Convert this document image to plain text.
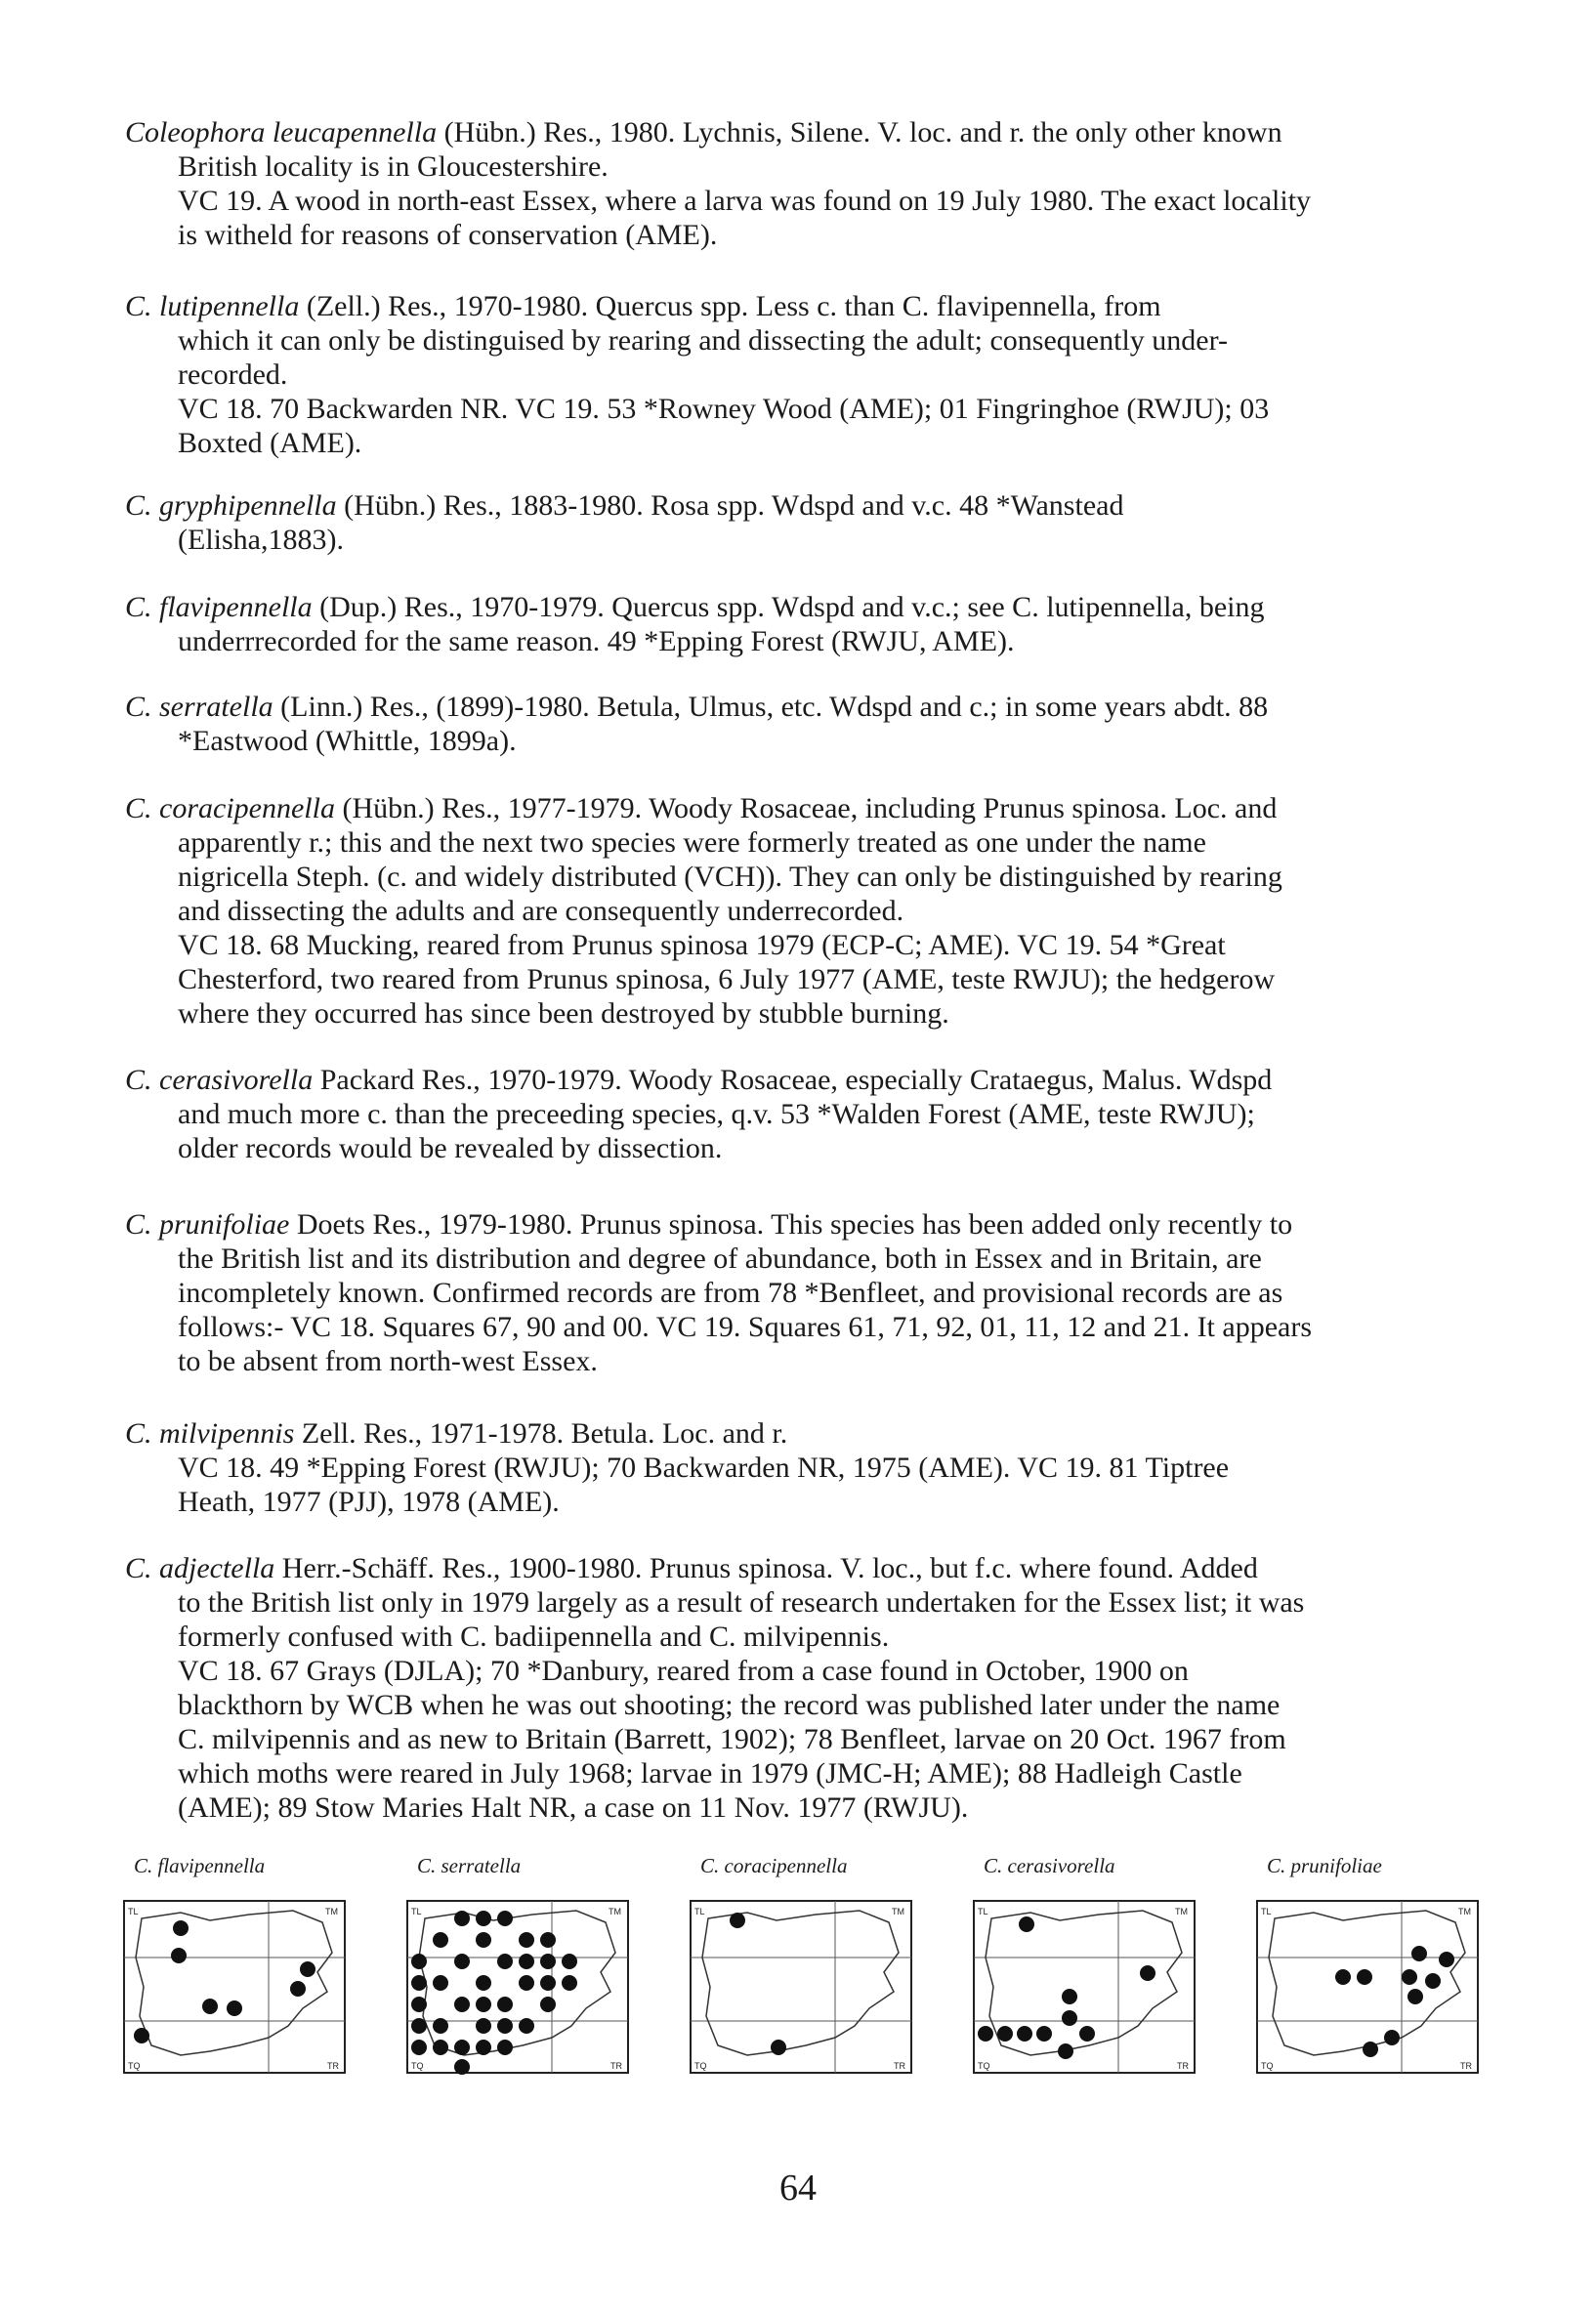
Coleophora leucapennella (Hübn.) Res., 1980. Lychnis, Silene. V. loc. and r. the only other known

British locality is in Gloucestershire.

VC 19. A wood in north-east Essex, where a larva was found on 19 July 1980. The exact locality

is witheld for reasons of conservation (AME).

C. lutipennella (Zell.) Res., 1970-1980. Quercus spp. Less c. than C. flavipennella, from

which it can only be distinguised by rearing and dissecting the adult; consequently under-

recorded.

VC 18. 70 Backwarden NR. VC 19. 53 *Rowney Wood (AME); 01 Fingringhoe (RWJU); 03

Boxted (AME).

C. gryphipennella (Hübn.) Res., 1883-1980. Rosa spp. Wdspd and v.c. 48 *Wanstead

(Elisha,1883).

C. flavipennella (Dup.) Res., 1970-1979. Quercus spp. Wdspd and v.c.; see C. lutipennella, being

underrrecorded for the same reason. 49 *Epping Forest (RWJU, AME).

C. serratella (Linn.) Res., (1899)-1980. Betula, Ulmus, etc. Wdspd and c.; in some years abdt. 88

*Eastwood (Whittle, 1899a).

C. coracipennella (Hübn.) Res., 1977-1979. Woody Rosaceae, including Prunus spinosa. Loc. and

apparently r.; this and the next two species were formerly treated as one under the name

nigricella Steph. (c. and widely distributed (VCH)). They can only be distinguished by rearing

and dissecting the adults and are consequently underrecorded.

VC 18. 68 Mucking, reared from Prunus spinosa 1979 (ECP-C; AME). VC 19. 54 *Great

Chesterford, two reared from Prunus spinosa, 6 July 1977 (AME, teste RWJU); the hedgerow

where they occurred has since been destroyed by stubble burning.

C. cerasivorella Packard Res., 1970-1979. Woody Rosaceae, especially Crataegus, Malus. Wdspd

and much more c. than the preceeding species, q.v. 53 *Walden Forest (AME, teste RWJU);

older records would be revealed by dissection.

C. prunifoliae Doets Res., 1979-1980. Prunus spinosa. This species has been added only recently to

the British list and its distribution and degree of abundance, both in Essex and in Britain, are

incompletely known. Confirmed records are from 78 *Benfleet, and provisional records are as

follows:- VC 18. Squares 67, 90 and 00. VC 19. Squares 61, 71, 92, 01, 11, 12 and 21. It appears

to be absent from north-west Essex.

C. milvipennis Zell. Res., 1971-1978. Betula. Loc. and r.

VC 18. 49 *Epping Forest (RWJU); 70 Backwarden NR, 1975 (AME). VC 19. 81 Tiptree

Heath, 1977 (PJJ), 1978 (AME).

C. adjectella Herr.-Schäff. Res., 1900-1980. Prunus spinosa. V. loc., but f.c. where found. Added

to the British list only in 1979 largely as a result of research undertaken for the Essex list; it was

formerly confused with C. badiipennella and C. milvipennis.

VC 18. 67 Grays (DJLA); 70 *Danbury, reared from a case found in October, 1900 on

blackthorn by WCB when he was out shooting; the record was published later under the name

C. milvipennis and as new to Britain (Barrett, 1902); 78 Benfleet, larvae on 20 Oct. 1967 from

which moths were reared in July 1968; larvae in 1979 (JMC-H; AME); 88 Hadleigh Castle

(AME); 89 Stow Maries Halt NR, a case on 11 Nov. 1977 (RWJU).

C. flavipennella
TL	TM
TQ	TR
C. serratella
TL	TM
TQ	TR
C. coracipennella
TL	TM
TQ	TR
C. cerasivorella
TL	TM
TQ	TR
C. prunifoliae
TL	TM
TQ	TR
64
